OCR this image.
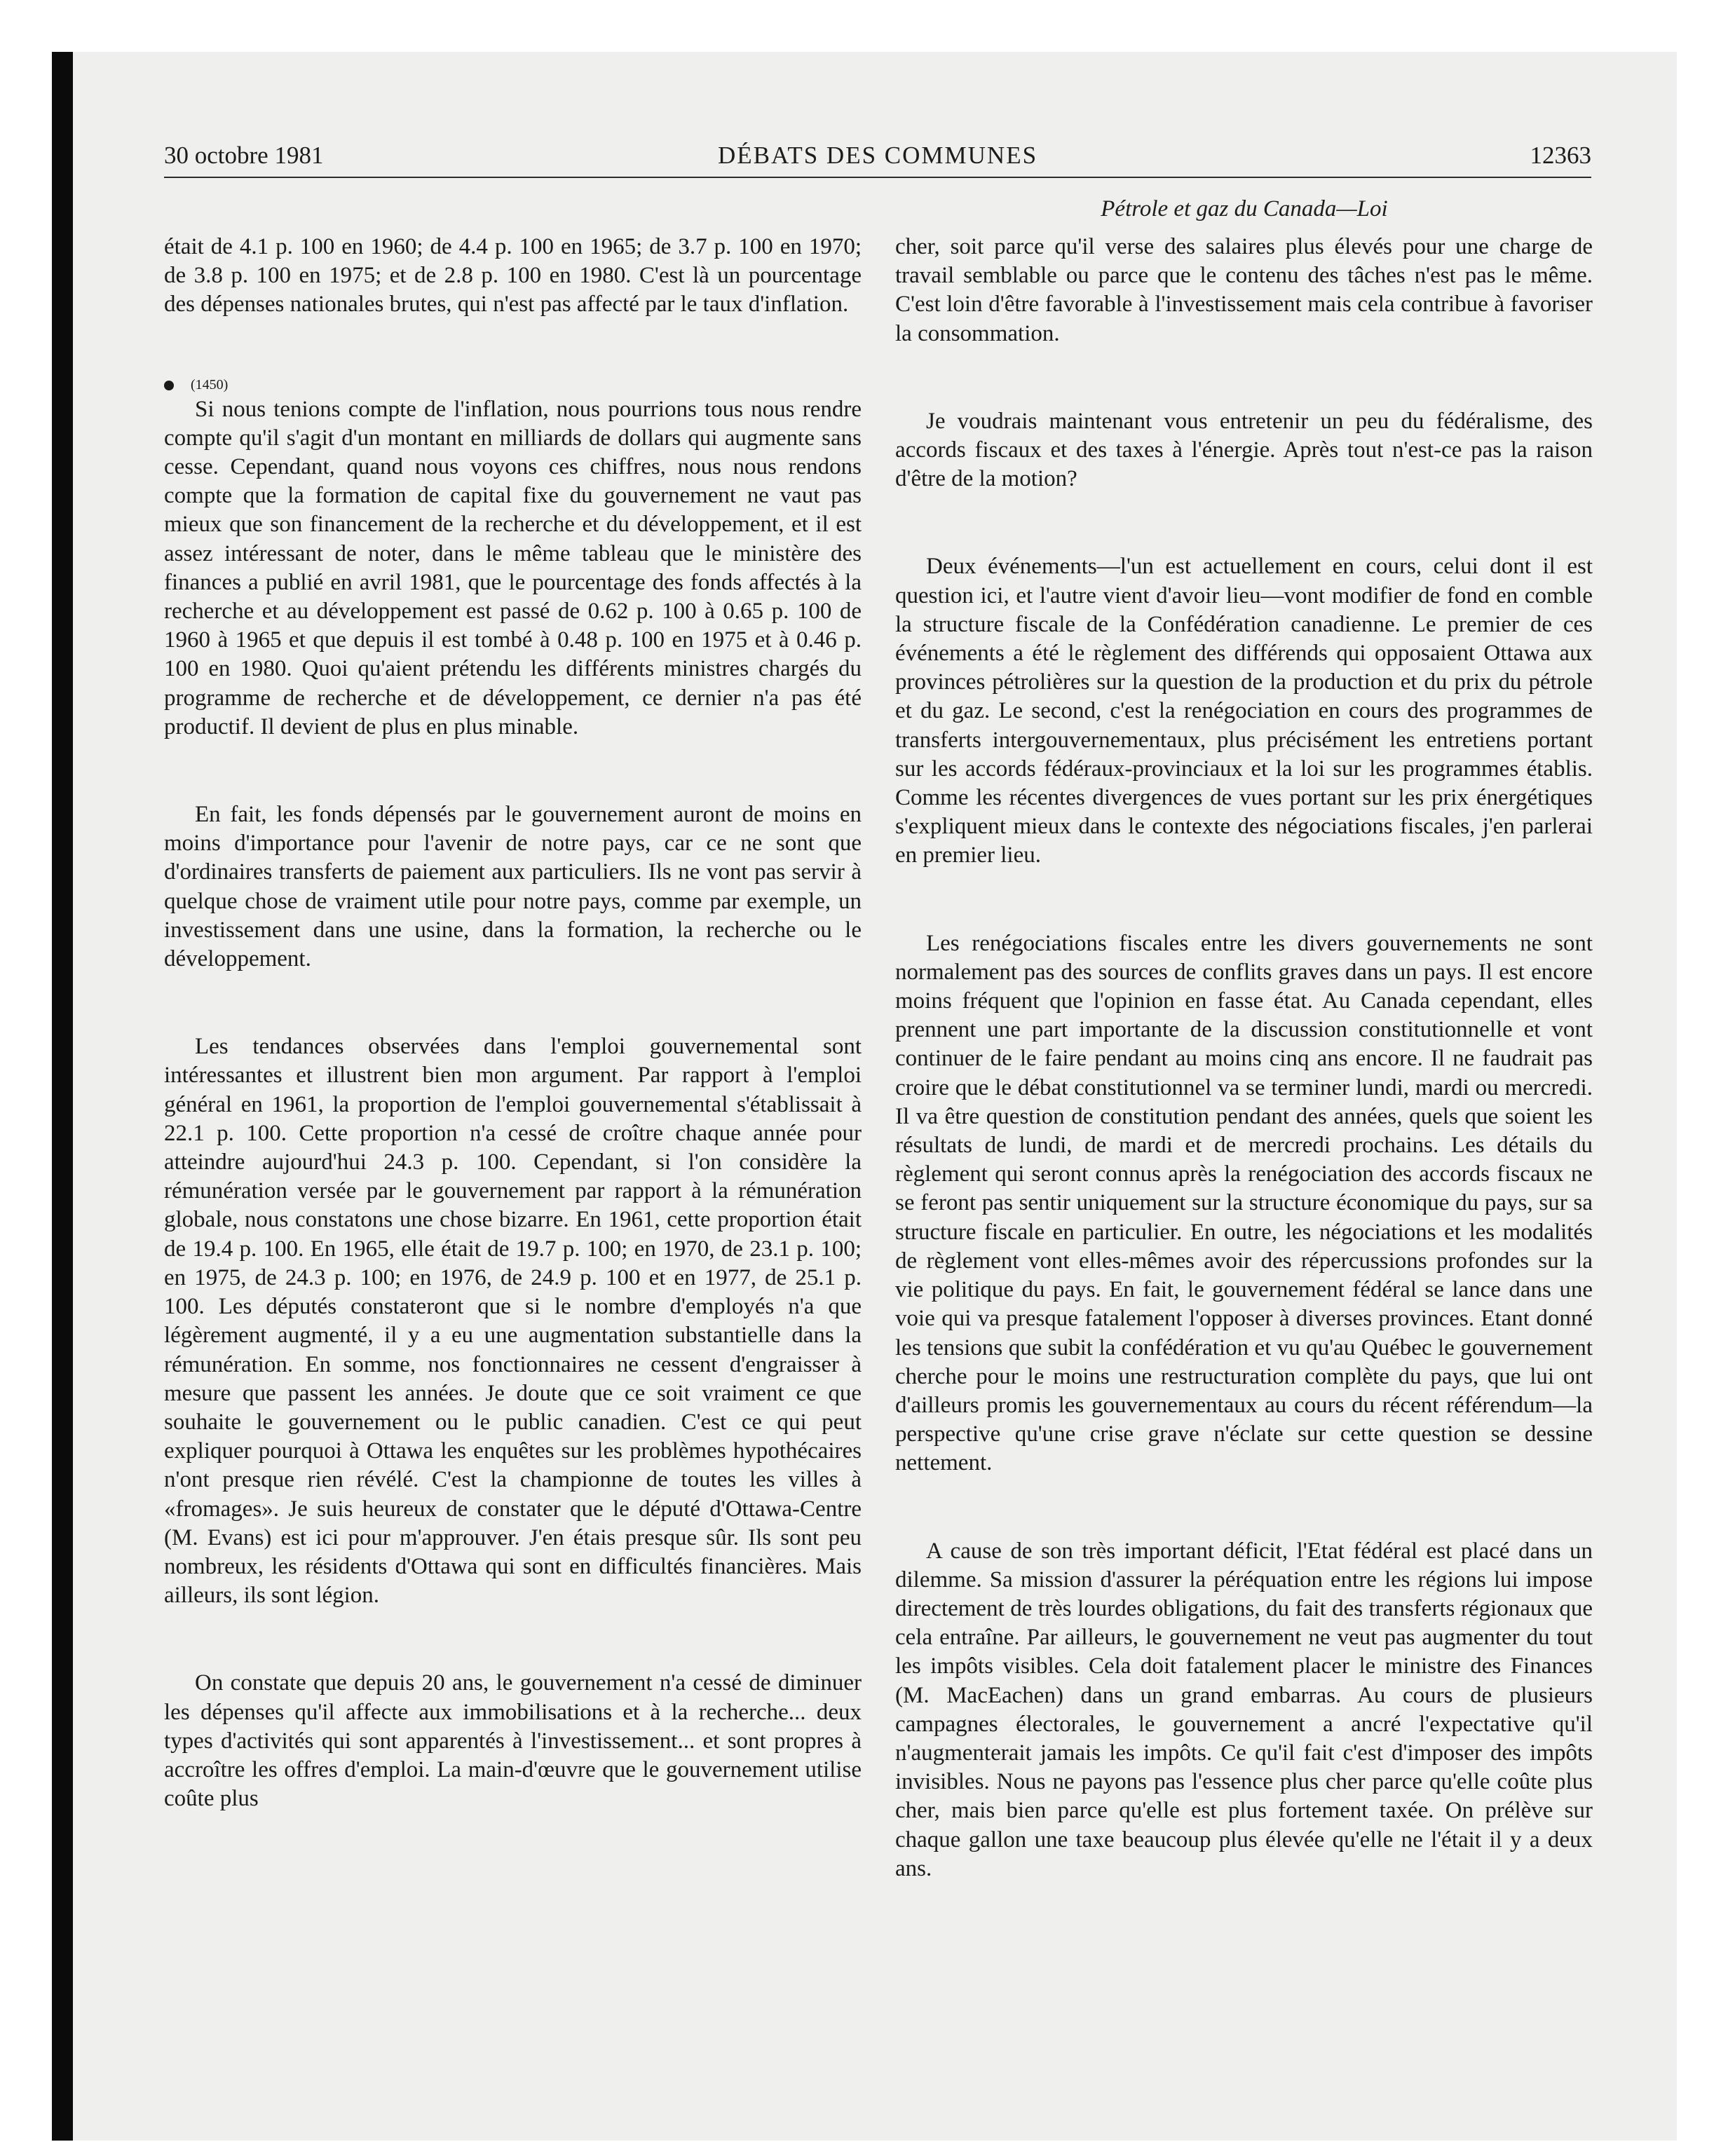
30 octobre 1981	DÉBATS DES COMMUNES	12363
Pétrole et gaz du Canada—Loi

était de 4.1 p. 100 en 1960; de 4.4 p. 100 en 1965; de 3.7 p. 100 en 1970; de 3.8 p. 100 en 1975; et de 2.8 p. 100 en 1980. C'est là un pourcentage des dépenses nationales brutes, qui n'est pas affecté par le taux d'inflation.

(1450)

Si nous tenions compte de l'inflation, nous pourrions tous nous rendre compte qu'il s'agit d'un montant en milliards de dollars qui augmente sans cesse. Cependant, quand nous voyons ces chiffres, nous nous rendons compte que la formation de capital fixe du gouvernement ne vaut pas mieux que son financement de la recherche et du développement, et il est assez intéressant de noter, dans le même tableau que le ministère des finances a publié en avril 1981, que le pourcentage des fonds affectés à la recherche et au développement est passé de 0.62 p. 100 à 0.65 p. 100 de 1960 à 1965 et que depuis il est tombé à 0.48 p. 100 en 1975 et à 0.46 p. 100 en 1980. Quoi qu'aient prétendu les différents ministres chargés du programme de recherche et de développement, ce dernier n'a pas été productif. Il devient de plus en plus minable.

En fait, les fonds dépensés par le gouvernement auront de moins en moins d'importance pour l'avenir de notre pays, car ce ne sont que d'ordinaires transferts de paiement aux particuliers. Ils ne vont pas servir à quelque chose de vraiment utile pour notre pays, comme par exemple, un investissement dans une usine, dans la formation, la recherche ou le développement.

Les tendances observées dans l'emploi gouvernemental sont intéressantes et illustrent bien mon argument. Par rapport à l'emploi général en 1961, la proportion de l'emploi gouvernemental s'établissait à 22.1 p. 100. Cette proportion n'a cessé de croître chaque année pour atteindre aujourd'hui 24.3 p. 100. Cependant, si l'on considère la rémunération versée par le gouvernement par rapport à la rémunération globale, nous constatons une chose bizarre. En 1961, cette proportion était de 19.4 p. 100. En 1965, elle était de 19.7 p. 100; en 1970, de 23.1 p. 100; en 1975, de 24.3 p. 100; en 1976, de 24.9 p. 100 et en 1977, de 25.1 p. 100. Les députés constateront que si le nombre d'employés n'a que légèrement augmenté, il y a eu une augmentation substantielle dans la rémunération. En somme, nos fonctionnaires ne cessent d'engraisser à mesure que passent les années. Je doute que ce soit vraiment ce que souhaite le gouvernement ou le public canadien. C'est ce qui peut expliquer pourquoi à Ottawa les enquêtes sur les problèmes hypothécaires n'ont presque rien révélé. C'est la championne de toutes les villes à «fromages». Je suis heureux de constater que le député d'Ottawa-Centre (M. Evans) est ici pour m'approuver. J'en étais presque sûr. Ils sont peu nombreux, les résidents d'Ottawa qui sont en difficultés financières. Mais ailleurs, ils sont légion.

On constate que depuis 20 ans, le gouvernement n'a cessé de diminuer les dépenses qu'il affecte aux immobilisations et à la recherche... deux types d'activités qui sont apparentés à l'investissement... et sont propres à accroître les offres d'emploi. La main-d'œuvre que le gouvernement utilise coûte plus

cher, soit parce qu'il verse des salaires plus élevés pour une charge de travail semblable ou parce que le contenu des tâches n'est pas le même. C'est loin d'être favorable à l'investissement mais cela contribue à favoriser la consommation.

Je voudrais maintenant vous entretenir un peu du fédéralisme, des accords fiscaux et des taxes à l'énergie. Après tout n'est-ce pas la raison d'être de la motion?

Deux événements—l'un est actuellement en cours, celui dont il est question ici, et l'autre vient d'avoir lieu—vont modifier de fond en comble la structure fiscale de la Confédération canadienne. Le premier de ces événements a été le règlement des différends qui opposaient Ottawa aux provinces pétrolières sur la question de la production et du prix du pétrole et du gaz. Le second, c'est la renégociation en cours des programmes de transferts intergouvernementaux, plus précisément les entretiens portant sur les accords fédéraux-provinciaux et la loi sur les programmes établis. Comme les récentes divergences de vues portant sur les prix énergétiques s'expliquent mieux dans le contexte des négociations fiscales, j'en parlerai en premier lieu.

Les renégociations fiscales entre les divers gouvernements ne sont normalement pas des sources de conflits graves dans un pays. Il est encore moins fréquent que l'opinion en fasse état. Au Canada cependant, elles prennent une part importante de la discussion constitutionnelle et vont continuer de le faire pendant au moins cinq ans encore. Il ne faudrait pas croire que le débat constitutionnel va se terminer lundi, mardi ou mercredi. Il va être question de constitution pendant des années, quels que soient les résultats de lundi, de mardi et de mercredi prochains. Les détails du règlement qui seront connus après la renégociation des accords fiscaux ne se feront pas sentir uniquement sur la structure économique du pays, sur sa structure fiscale en particulier. En outre, les négociations et les modalités de règlement vont elles-mêmes avoir des répercussions profondes sur la vie politique du pays. En fait, le gouvernement fédéral se lance dans une voie qui va presque fatalement l'opposer à diverses provinces. Etant donné les tensions que subit la confédération et vu qu'au Québec le gouvernement cherche pour le moins une restructuration complète du pays, que lui ont d'ailleurs promis les gouvernementaux au cours du récent référendum—la perspective qu'une crise grave n'éclate sur cette question se dessine nettement.

A cause de son très important déficit, l'Etat fédéral est placé dans un dilemme. Sa mission d'assurer la péréquation entre les régions lui impose directement de très lourdes obligations, du fait des transferts régionaux que cela entraîne. Par ailleurs, le gouvernement ne veut pas augmenter du tout les impôts visibles. Cela doit fatalement placer le ministre des Finances (M. MacEachen) dans un grand embarras. Au cours de plusieurs campagnes électorales, le gouvernement a ancré l'expectative qu'il n'augmenterait jamais les impôts. Ce qu'il fait c'est d'imposer des impôts invisibles. Nous ne payons pas l'essence plus cher parce qu'elle coûte plus cher, mais bien parce qu'elle est plus fortement taxée. On prélève sur chaque gallon une taxe beaucoup plus élevée qu'elle ne l'était il y a deux ans.
